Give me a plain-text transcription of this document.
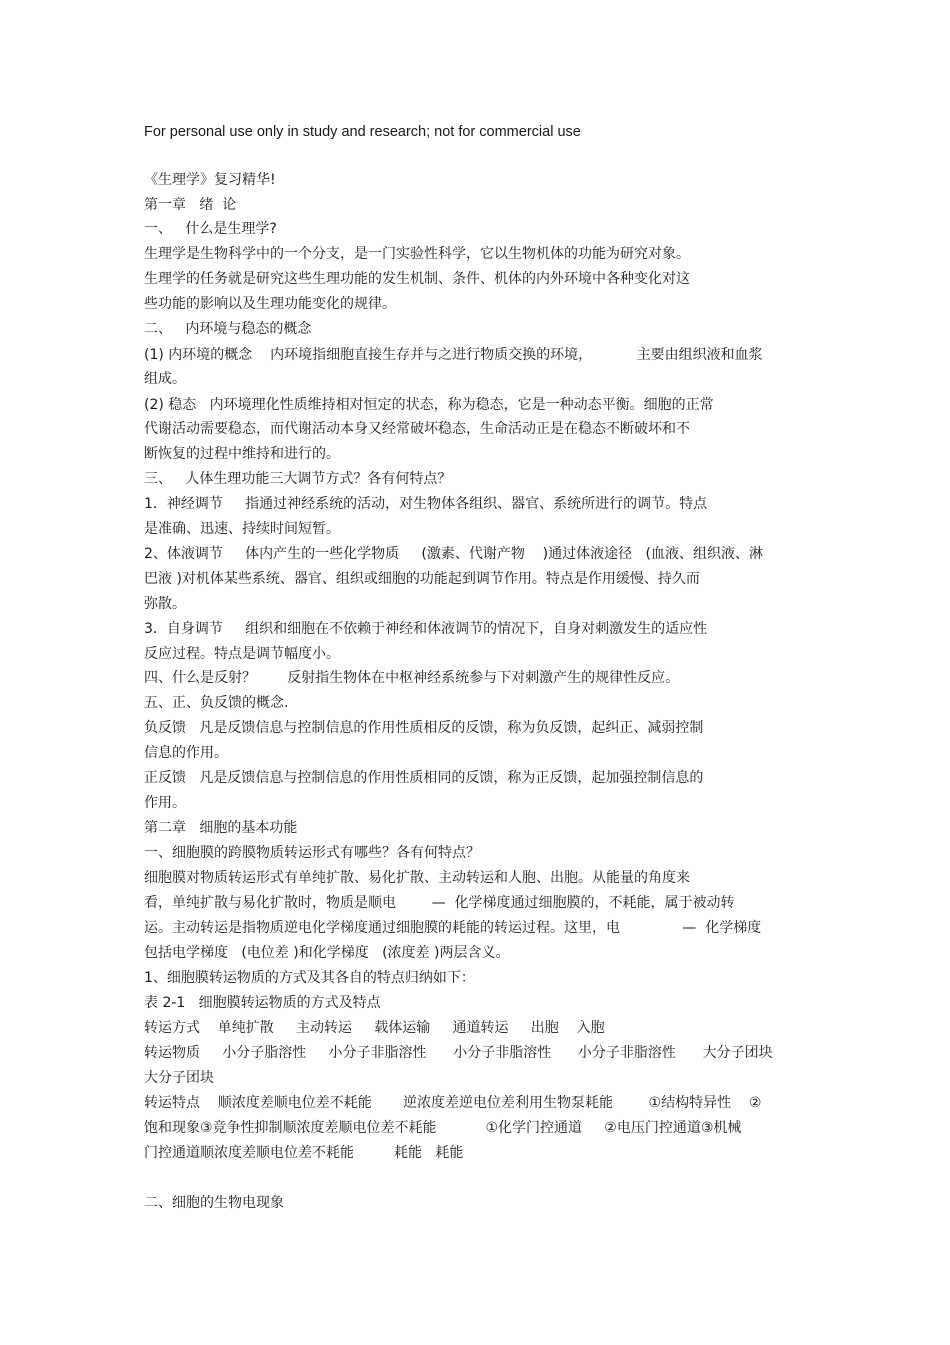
For personal use only in study and research; not for commercial use
《生理学》复习精华!
第一章   绪  论
一、   什么是生理学?
生理学是生物科学中的一个分支，是一门实验性科学，它以生物机体的功能为研究对象。
生理学的任务就是研究这些生理功能的发生机制、条件、机体的内外环境中各种变化对这
些功能的影响以及生理功能变化的规律。
二、   内环境与稳态的概念
(1) 内环境的概念    内环境指细胞直接生存并与之进行物质交换的环境，          主要由组织液和血浆
组成。
(2) 稳态   内环境理化性质维持相对恒定的状态，称为稳态，它是一种动态平衡。细胞的正常
代谢活动需要稳态，而代谢活动本身又经常破坏稳态，生命活动正是在稳态不断破坏和不
断恢复的过程中维持和进行的。
三、   人体生理功能三大调节方式？各有何特点？
1．神经调节     指通过神经系统的活动，对生物体各组织、器官、系统所进行的调节。特点
是准确、迅速、持续时间短暂。
2、体液调节     体内产生的一些化学物质     (激素、代谢产物    )通过体液途径   (血液、组织液、淋
巴液 )对机体某些系统、器官、组织或细胞的功能起到调节作用。特点是作用缓慢、持久而
弥散。
3．自身调节     组织和细胞在不依赖于神经和体液调节的情况下，自身对刺激发生的适应性
反应过程。特点是调节幅度小。
四、什么是反射？       反射指生物体在中枢神经系统参与下对刺激产生的规律性反应。
五、正、负反馈的概念.
负反馈   凡是反馈信息与控制信息的作用性质相反的反馈，称为负反馈，起纠正、减弱控制
信息的作用。
正反馈   凡是反馈信息与控制信息的作用性质相同的反馈，称为正反馈，起加强控制信息的
作用。
第二章   细胞的基本功能
一、细胞膜的跨膜物质转运形式有哪些？各有何特点？
细胞膜对物质转运形式有单纯扩散、易化扩散、主动转运和人胞、出胞。从能量的角度来
看，单纯扩散与易化扩散时，物质是顺电        —  化学梯度通过细胞膜的，不耗能，属于被动转
运。主动转运是指物质逆电化学梯度通过细胞膜的耗能的转运过程。这里，电              —  化学梯度
包括电学梯度   (电位差 )和化学梯度   (浓度差 )两层含义。
1、细胞膜转运物质的方式及其各自的特点归纳如下：
表 2-1   细胞膜转运物质的方式及特点
转运方式    单纯扩散     主动转运     载体运输     通道转运     出胞    入胞
转运物质     小分子脂溶性     小分子非脂溶性      小分子非脂溶性      小分子非脂溶性      大分子团块
大分子团块
转运特点    顺浓度差顺电位差不耗能       逆浓度差逆电位差利用生物泵耗能        ①结构特异性    ②
饱和现象③竞争性抑制顺浓度差顺电位差不耗能           ①化学门控通道     ②电压门控通道③机械
门控通道顺浓度差顺电位差不耗能         耗能   耗能
二、细胞的生物电现象
